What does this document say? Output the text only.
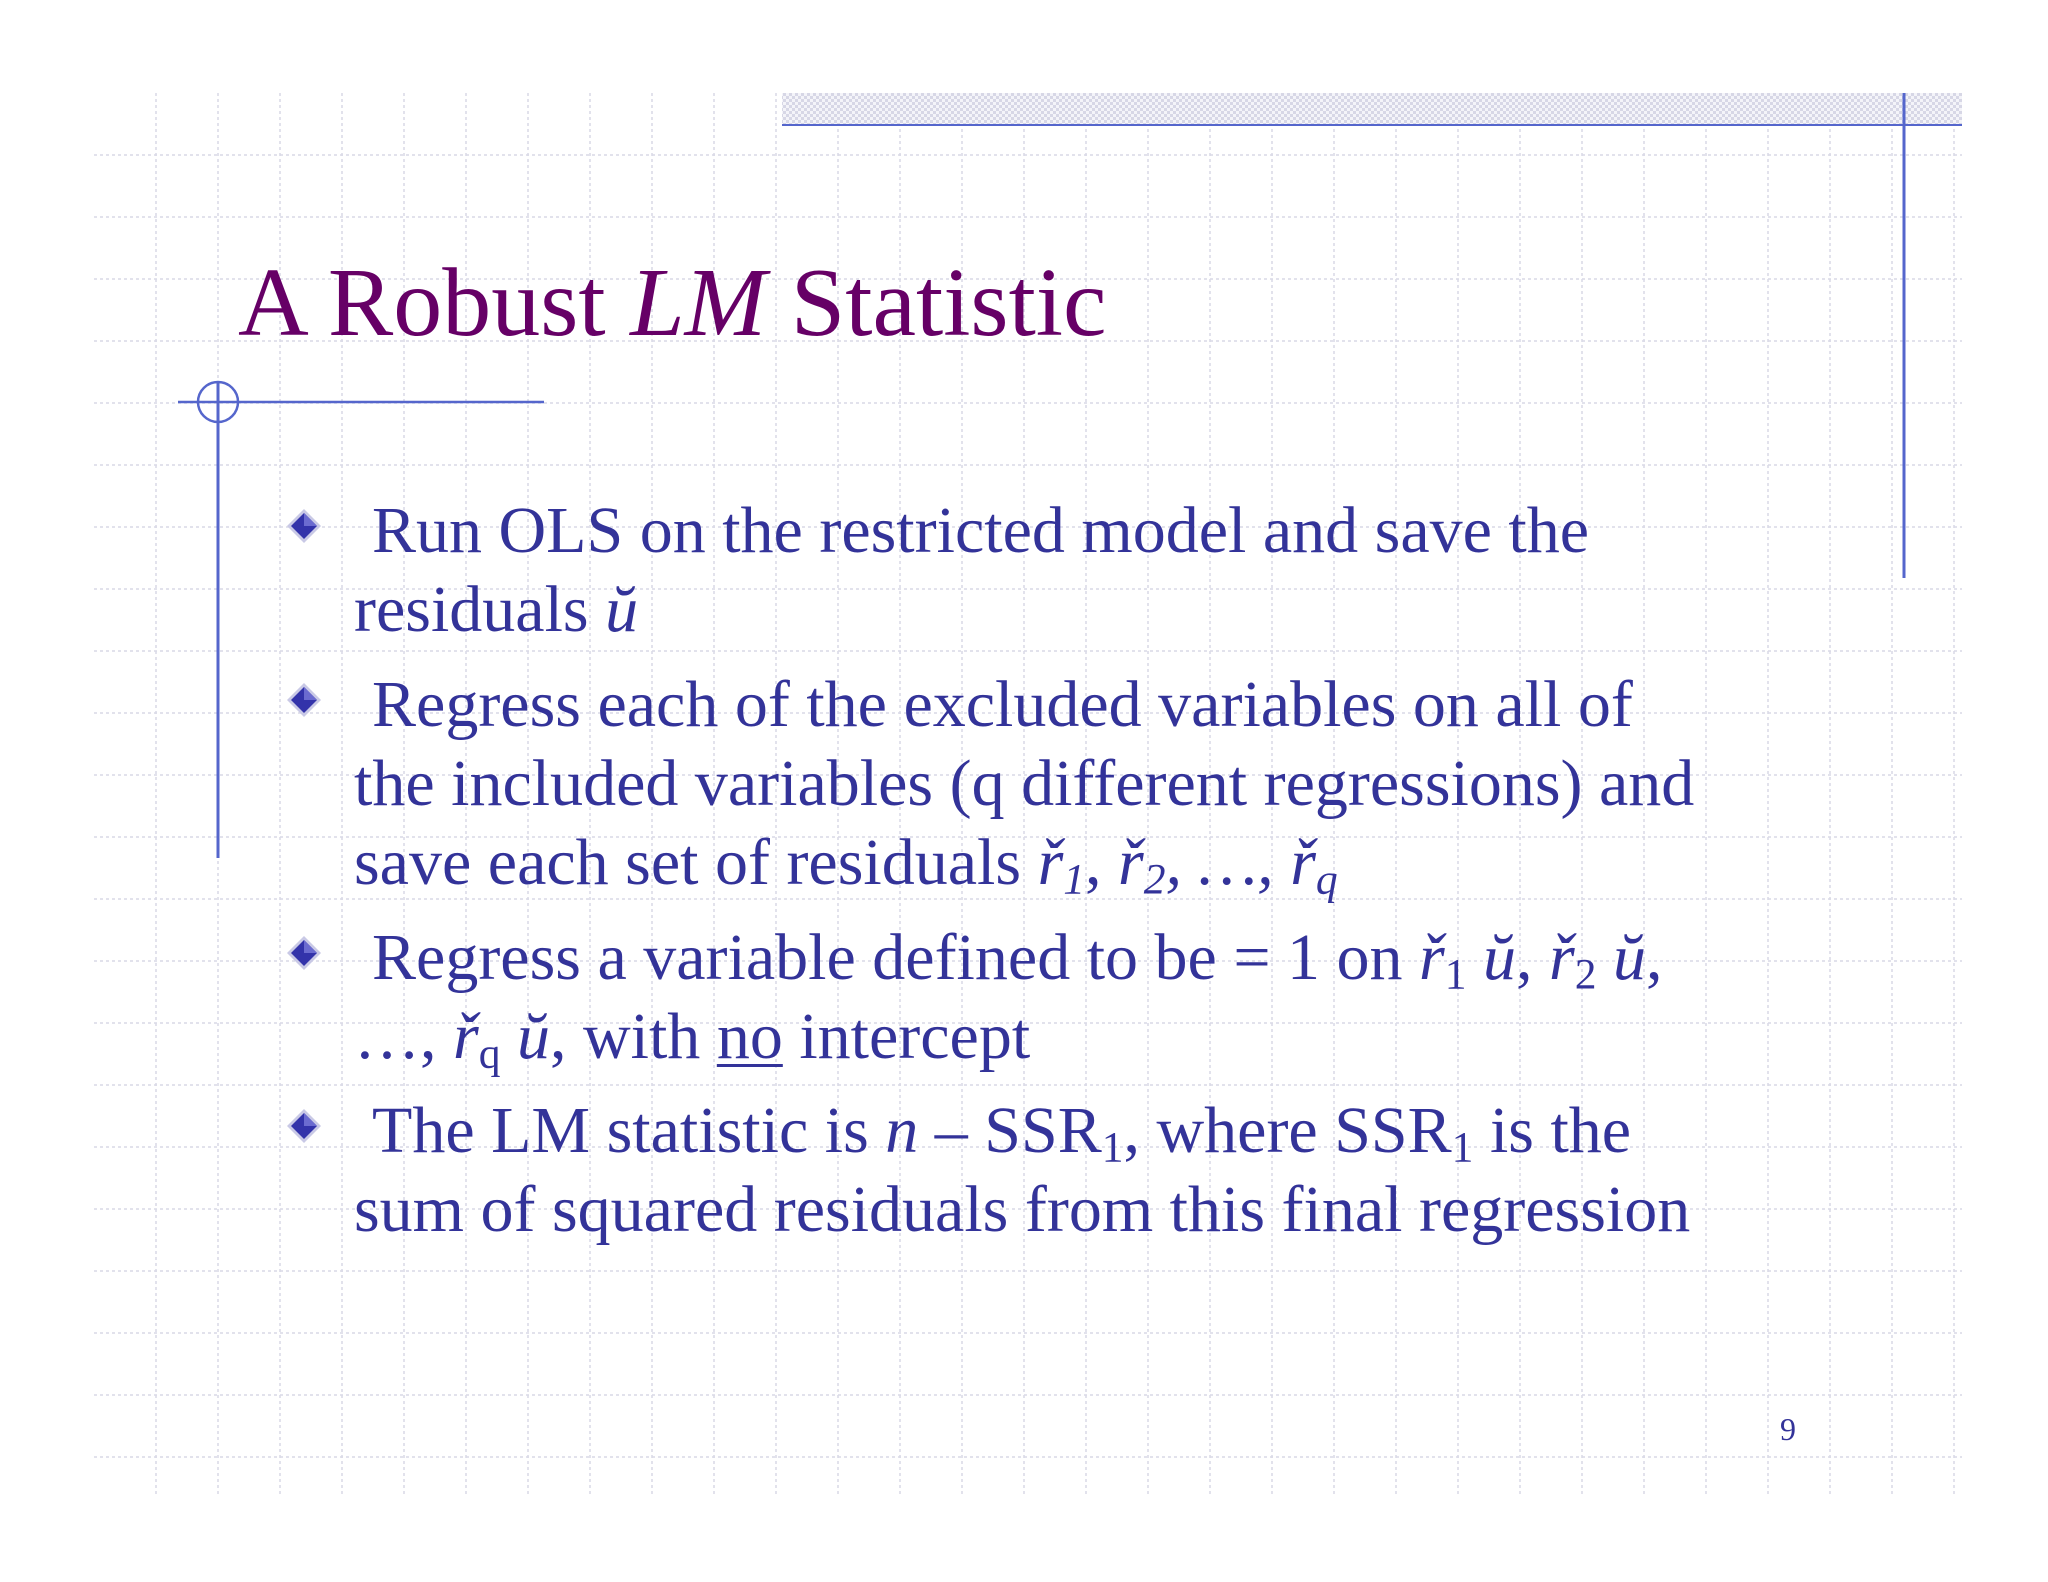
A Robust LM Statistic
Run OLS on the restricted model and save the
residuals ŭ
Regress each of the excluded variables on all of
the included variables (q different regressions) and
save each set of residuals $ř_1$, $ř_2$, …, $ř_q$
Regress a variable defined to be = 1 on $ř_1$ ŭ, $ř_2$ ŭ,
…, $ř_q$ ŭ, with no intercept
The LM statistic is n – $SSR_1$, where $SSR_1$ is the
sum of squared residuals from this final regression
9
